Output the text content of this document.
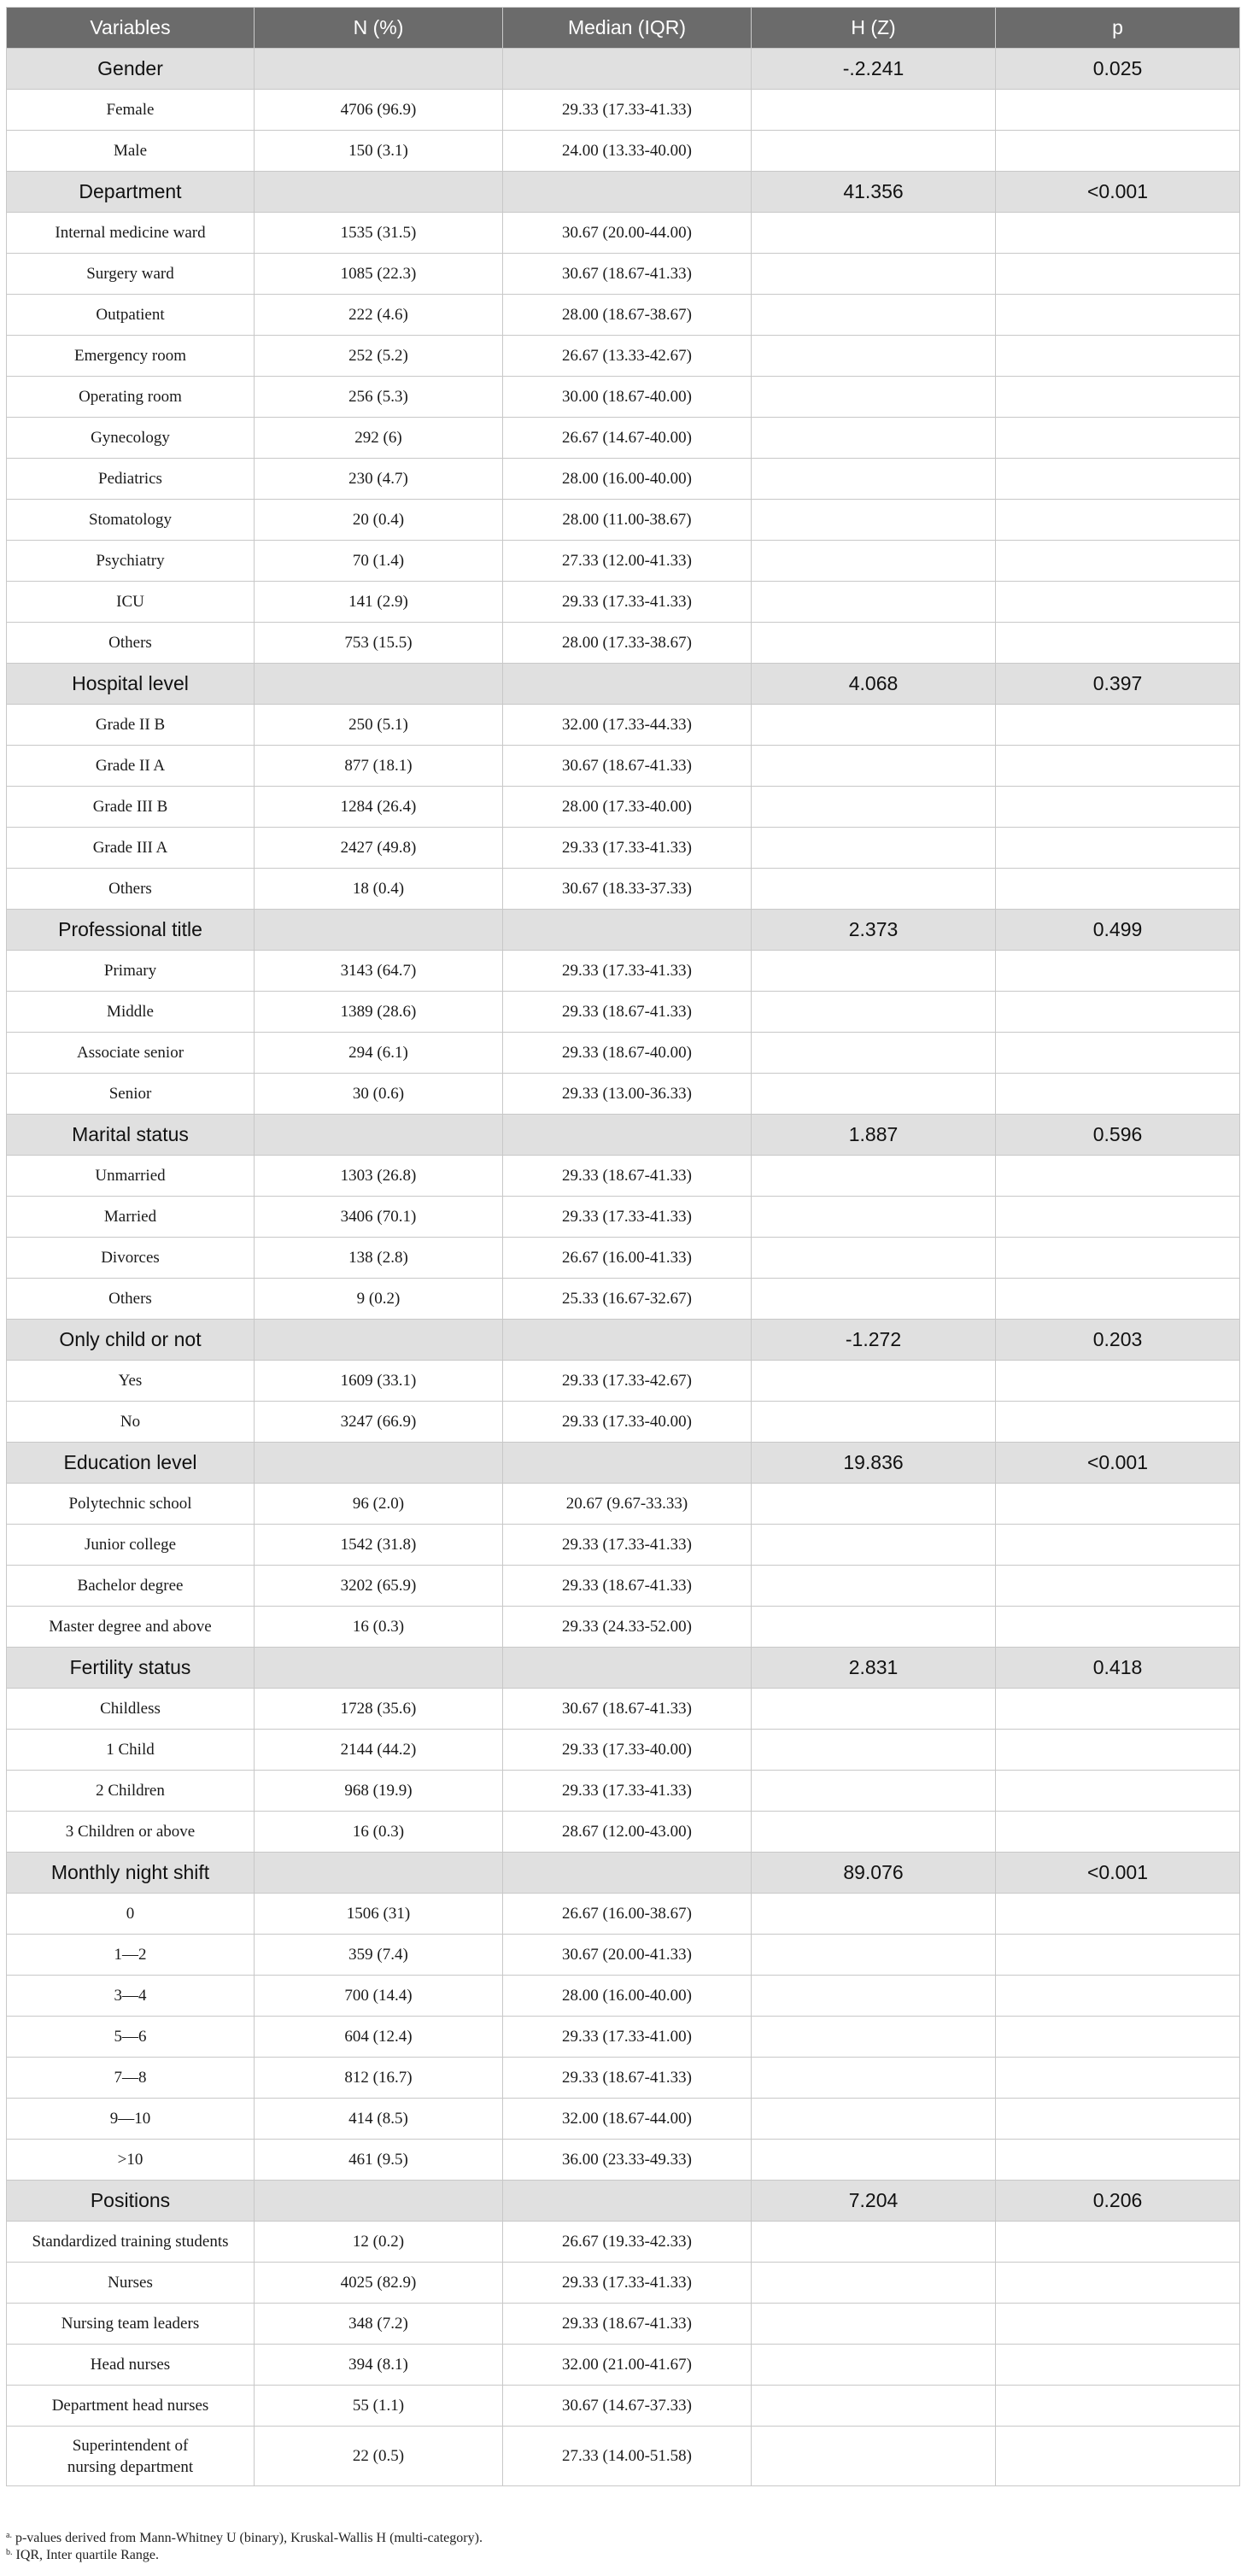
Variables	N (%)	Median (IQR)	H (Z)	p
Gender			-.2.241	0.025
Female	4706 (96.9)	29.33 (17.33-41.33)		
Male	150 (3.1)	24.00 (13.33-40.00)		
Department			41.356	<0.001
Internal medicine ward	1535 (31.5)	30.67 (20.00-44.00)		
Surgery ward	1085 (22.3)	30.67 (18.67-41.33)		
Outpatient	222 (4.6)	28.00 (18.67-38.67)		
Emergency room	252 (5.2)	26.67 (13.33-42.67)		
Operating room	256 (5.3)	30.00 (18.67-40.00)		
Gynecology	292 (6)	26.67 (14.67-40.00)		
Pediatrics	230 (4.7)	28.00 (16.00-40.00)		
Stomatology	20 (0.4)	28.00 (11.00-38.67)		
Psychiatry	70 (1.4)	27.33 (12.00-41.33)		
ICU	141 (2.9)	29.33 (17.33-41.33)		
Others	753 (15.5)	28.00 (17.33-38.67)		
Hospital level			4.068	0.397
Grade II B	250 (5.1)	32.00 (17.33-44.33)		
Grade II A	877 (18.1)	30.67 (18.67-41.33)		
Grade III B	1284 (26.4)	28.00 (17.33-40.00)		
Grade III A	2427 (49.8)	29.33 (17.33-41.33)		
Others	18 (0.4)	30.67 (18.33-37.33)		
Professional title			2.373	0.499
Primary	3143 (64.7)	29.33 (17.33-41.33)		
Middle	1389 (28.6)	29.33 (18.67-41.33)		
Associate senior	294 (6.1)	29.33 (18.67-40.00)		
Senior	30 (0.6)	29.33 (13.00-36.33)		
Marital status			1.887	0.596
Unmarried	1303 (26.8)	29.33 (18.67-41.33)		
Married	3406 (70.1)	29.33 (17.33-41.33)		
Divorces	138 (2.8)	26.67 (16.00-41.33)		
Others	9 (0.2)	25.33 (16.67-32.67)		
Only child or not			-1.272	0.203
Yes	1609 (33.1)	29.33 (17.33-42.67)		
No	3247 (66.9)	29.33 (17.33-40.00)		
Education level			19.836	<0.001
Polytechnic school	96 (2.0)	20.67 (9.67-33.33)		
Junior college	1542 (31.8)	29.33 (17.33-41.33)		
Bachelor degree	3202 (65.9)	29.33 (18.67-41.33)		
Master degree and above	16 (0.3)	29.33 (24.33-52.00)		
Fertility status			2.831	0.418
Childless	1728 (35.6)	30.67 (18.67-41.33)		
1 Child	2144 (44.2)	29.33 (17.33-40.00)		
2 Children	968 (19.9)	29.33 (17.33-41.33)		
3 Children or above	16 (0.3)	28.67 (12.00-43.00)		
Monthly night shift			89.076	<0.001
0	1506 (31)	26.67 (16.00-38.67)		
1—2	359 (7.4)	30.67 (20.00-41.33)		
3—4	700 (14.4)	28.00 (16.00-40.00)		
5—6	604 (12.4)	29.33 (17.33-41.00)		
7—8	812 (16.7)	29.33 (18.67-41.33)		
9—10	414 (8.5)	32.00 (18.67-44.00)		
>10	461 (9.5)	36.00 (23.33-49.33)		
Positions			7.204	0.206
Standardized training students	12 (0.2)	26.67 (19.33-42.33)		
Nurses	4025 (82.9)	29.33 (17.33-41.33)		
Nursing team leaders	348 (7.2)	29.33 (18.67-41.33)		
Head nurses	394 (8.1)	32.00 (21.00-41.67)		
Department head nurses	55 (1.1)	30.67 (14.67-37.33)		

Superintendent of
nursing department	22 (0.5)	27.33 (14.00-51.58)		
$^{a.}$ p-values derived from Mann-Whitney U (binary), Kruskal-Wallis H (multi-category).
$^{b.}$ IQR, Inter quartile Range.
